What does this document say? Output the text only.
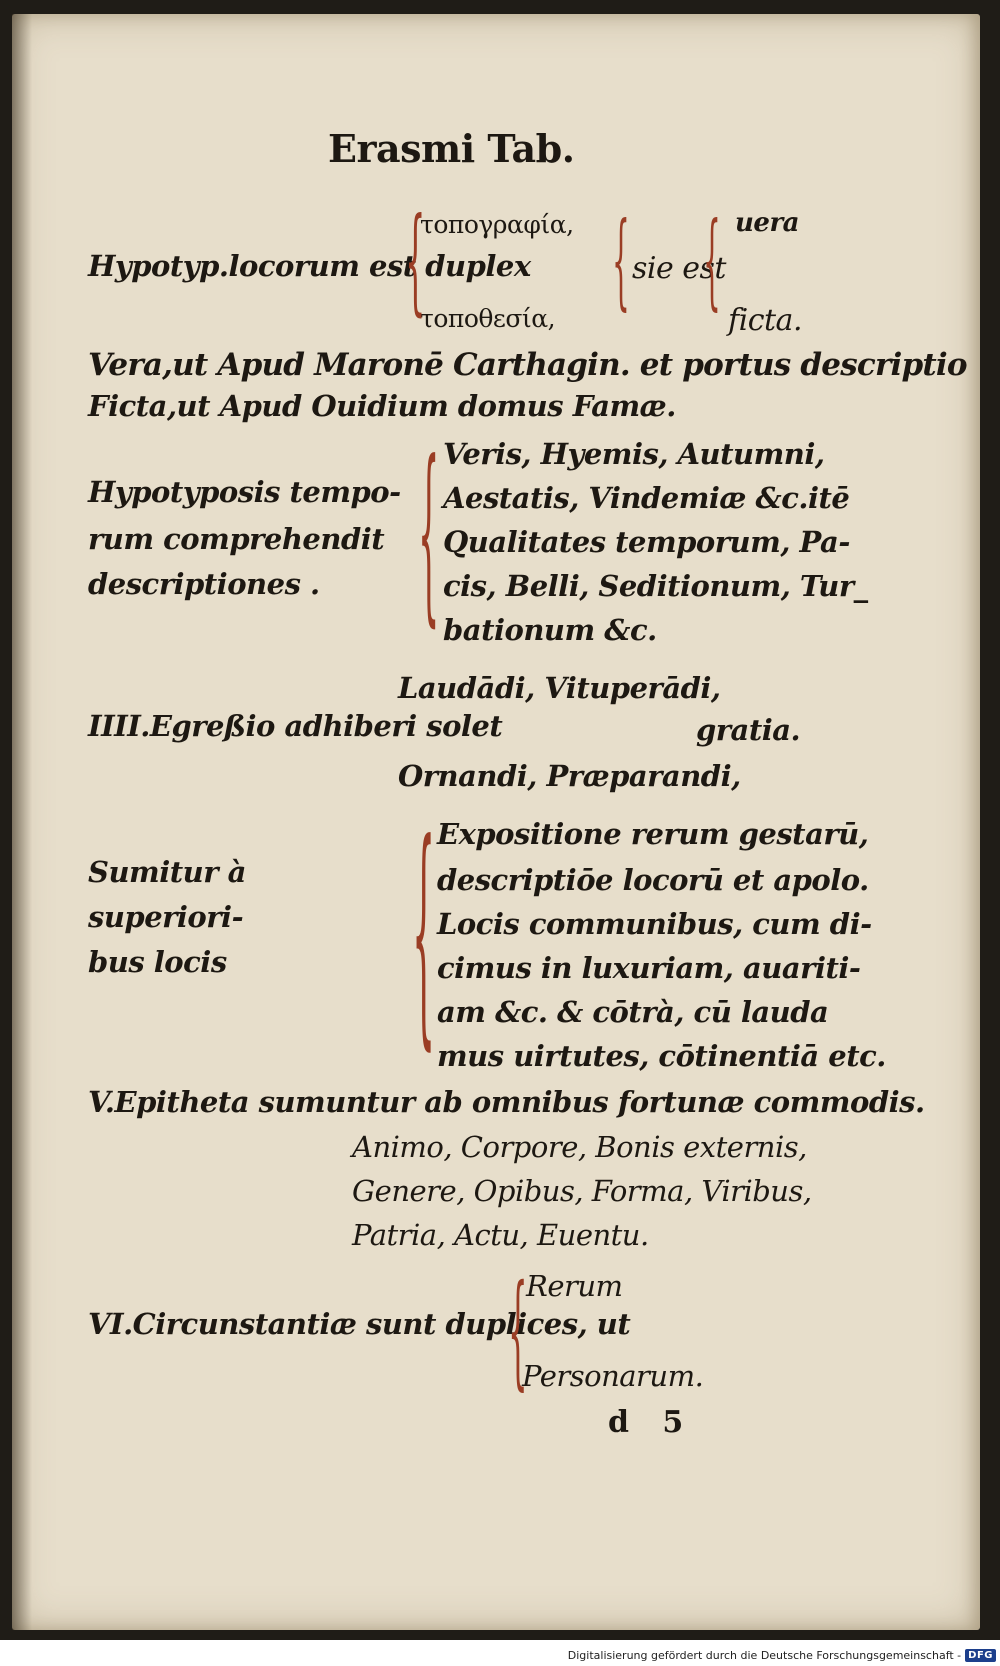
Erasmi Tab.
τοπογραφία,
Hypotyp.locorum est duplex	sie est
τοποθεσία,
uera
ficta.
{	{ {
Vera,ut Apud Maronē Carthagin. et portus descriptio
Ficta,ut Apud Ouidium domus Famæ.
Hypotyposis tempo-
rum comprehendit
descriptiones . { Veris, Hyemis, Autumni,
Aestatis, Vindemiæ &c.itē
Qualitates temporum, Pa-
cis, Belli, Seditionum, Tur_
bationum &c.
Laudādi, Vituperādi,
IIII.Egreßio adhiberi solet	gratia.
Ornandi, Præparandi,
Sumitur à
superiori-
bus locis	{ Expositione rerum gestarū,
descriptiōe locorū et apolo.
Locis communibus, cum di-
cimus in luxuriam, auariti-
am &c. & cōtrà, cū lauda
mus uirtutes, cōtinentiā etc.
V.Epitheta sumuntur ab omnibus fortunæ commodis.
Animo, Corpore, Bonis externis,
Genere, Opibus, Forma, Viribus,
Patria, Actu, Euentu.
Rerum
VI.Circunstantiæ sunt duplices, ut
Personarum.
{
d 5
Digitalisierung gefördert durch die Deutsche Forschungsgemeinschaft - DFG
